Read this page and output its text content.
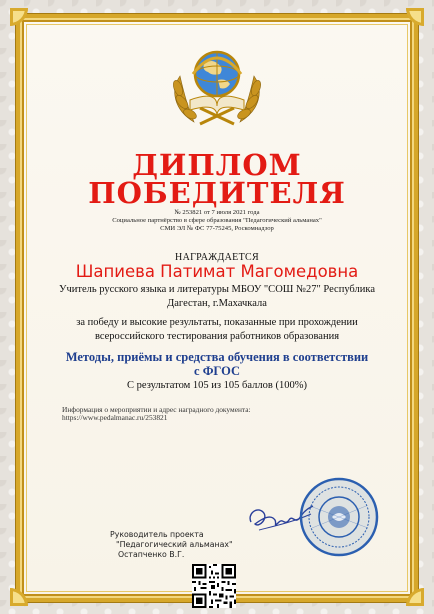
ДИПЛОМ
ПОБЕДИТЕЛЯ
№ 253821 от 7 июля 2021 года
Социальное партнёрство в сфере образования "Педагогический альманах"
СМИ ЭЛ № ФС 77-75245, Роскомнадзор
НАГРАЖДАЕТСЯ
Шапиева Патимат Магомедовна
Учитель русского языка и литературы МБОУ "СОШ №27" Республика
Дагестан, г.Махачкала
за победу и высокие результаты, показанные при прохождении
всероссийского тестирования работников образования
Методы, приёмы и средства обучения в соответствии
с ФГОС
С результатом 105 из 105 баллов (100%)
Информация о мероприятии и адрес наградного документа:
https://www.pedalmanac.ru/253821
Руководитель проекта
"Педагогический альманах"
Остапченко В.Г.
